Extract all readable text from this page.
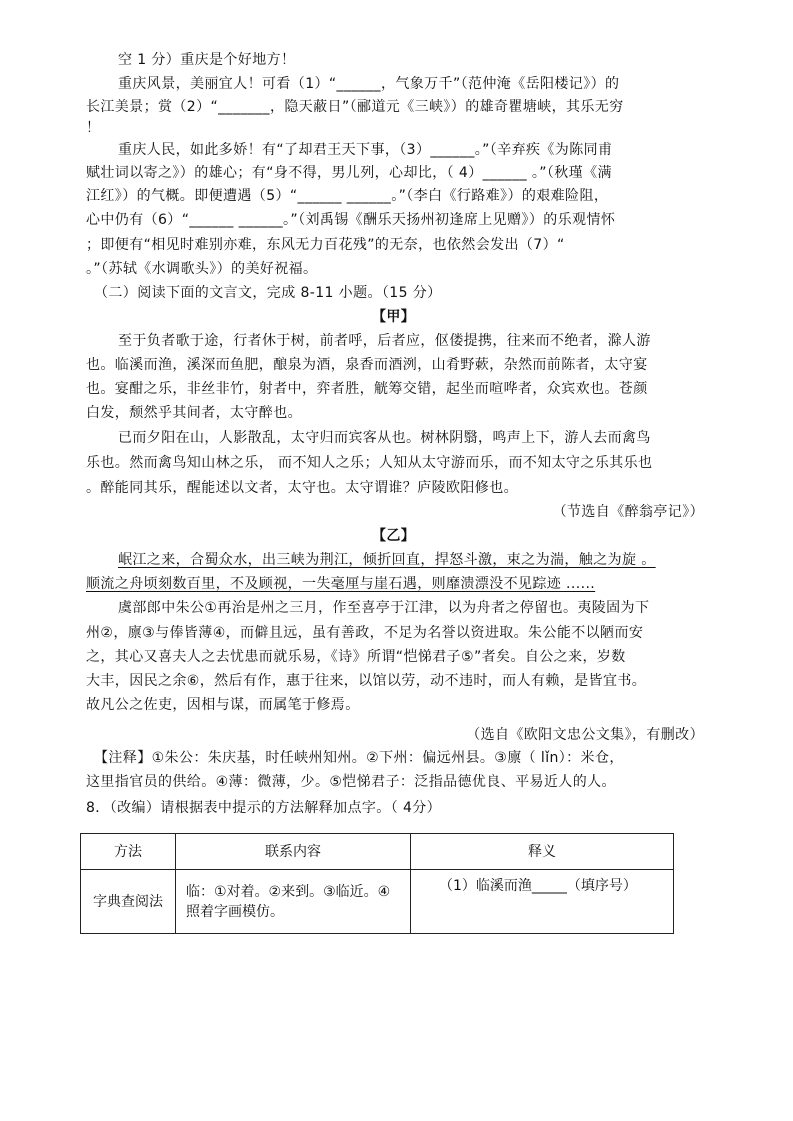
空 1 分）重庆是个好地方！
重庆风景，美丽宜人！可看（1）“______，气象万千”（范仲淹《岳阳楼记》）的
长江美景；赏（2）“_______，隐天蔽日”（郦道元《三峡》）的雄奇瞿塘峡，其乐无穷
！
重庆人民，如此多娇！有“了却君王天下事，（3）______。”（辛弃疾《为陈同甫
赋壮词以寄之》）的雄心；有“身不得，男儿列，心却比，（ 4）______ 。”（秋瑾《满
江红》）的气概。即便遭遇（5）“______ ______。”（李白《行路难》）的艰难险阻，
心中仍有（6）“______ ______。”（刘禹锡《酬乐天扬州初逢席上见赠》）的乐观情怀
；即便有“相见时难别亦难，东风无力百花残”的无奈，也依然会发出（7）“
。”（苏轼《水调歌头》）的美好祝福。
（二）阅读下面的文言文，完成 8-11 小题。（15 分）
【甲】
至于负者歌于途，行者休于树，前者呼，后者应，伛偻提携，往来而不绝者，滁人游
也。临溪而渔，溪深而鱼肥，酿泉为酒，泉香而酒洌，山肴野蔌，杂然而前陈者，太守宴
也。宴酣之乐，非丝非竹，射者中，弈者胜，觥筹交错，起坐而喧哗者，众宾欢也。苍颜
白发，颓然乎其间者，太守醉也。
已而夕阳在山，人影散乱，太守归而宾客从也。树林阴翳，鸣声上下，游人去而禽鸟
乐也。然而禽鸟知山林之乐， 而不知人之乐；人知从太守游而乐，而不知太守之乐其乐也
。醉能同其乐，醒能述以文者，太守也。太守谓谁？庐陵欧阳修也。
（节选自《醉翁亭记》）
【乙】
岷江之来，合蜀众水，出三峡为荆江，倾折回直，捍怒斗激，束之为湍，触之为旋 。
顺流之舟顷刻数百里，不及顾视，一失毫厘与崖石遇，则靡溃漂没不见踪迹 ......
虞部郎中朱公①再治是州之三月，作至喜亭于江津，以为舟者之停留也。夷陵固为下
州②，廪③与俸皆薄④，而僻且远，虽有善政，不足为名誉以资进取。朱公能不以陋而安
之，其心又喜夫人之去忧患而就乐易，《诗》所谓“恺悌君子⑤”者矣。自公之来，岁数
大丰，因民之余⑥，然后有作，惠于往来，以馆以劳，动不违时，而人有赖，是皆宜书。
故凡公之佐吏，因相与谋，而属笔于修焉。
（选自《欧阳文忠公文集》，有删改）
【注释】①朱公：朱庆基，时任峡州知州。②下州：偏远州县。③廪（ lǐn）：米仓，
这里指官员的供给。④薄：微薄，少。⑤恺悌君子：泛指品德优良、平易近人的人。
8．（改编）请根据表中提示的方法解释加点字。（ 4分）
方法	联系内容	释义
字典查阅法	临：①对着。②来到。③临近。④
照着字画模仿。	（1）临溪而渔_____（填序号）
